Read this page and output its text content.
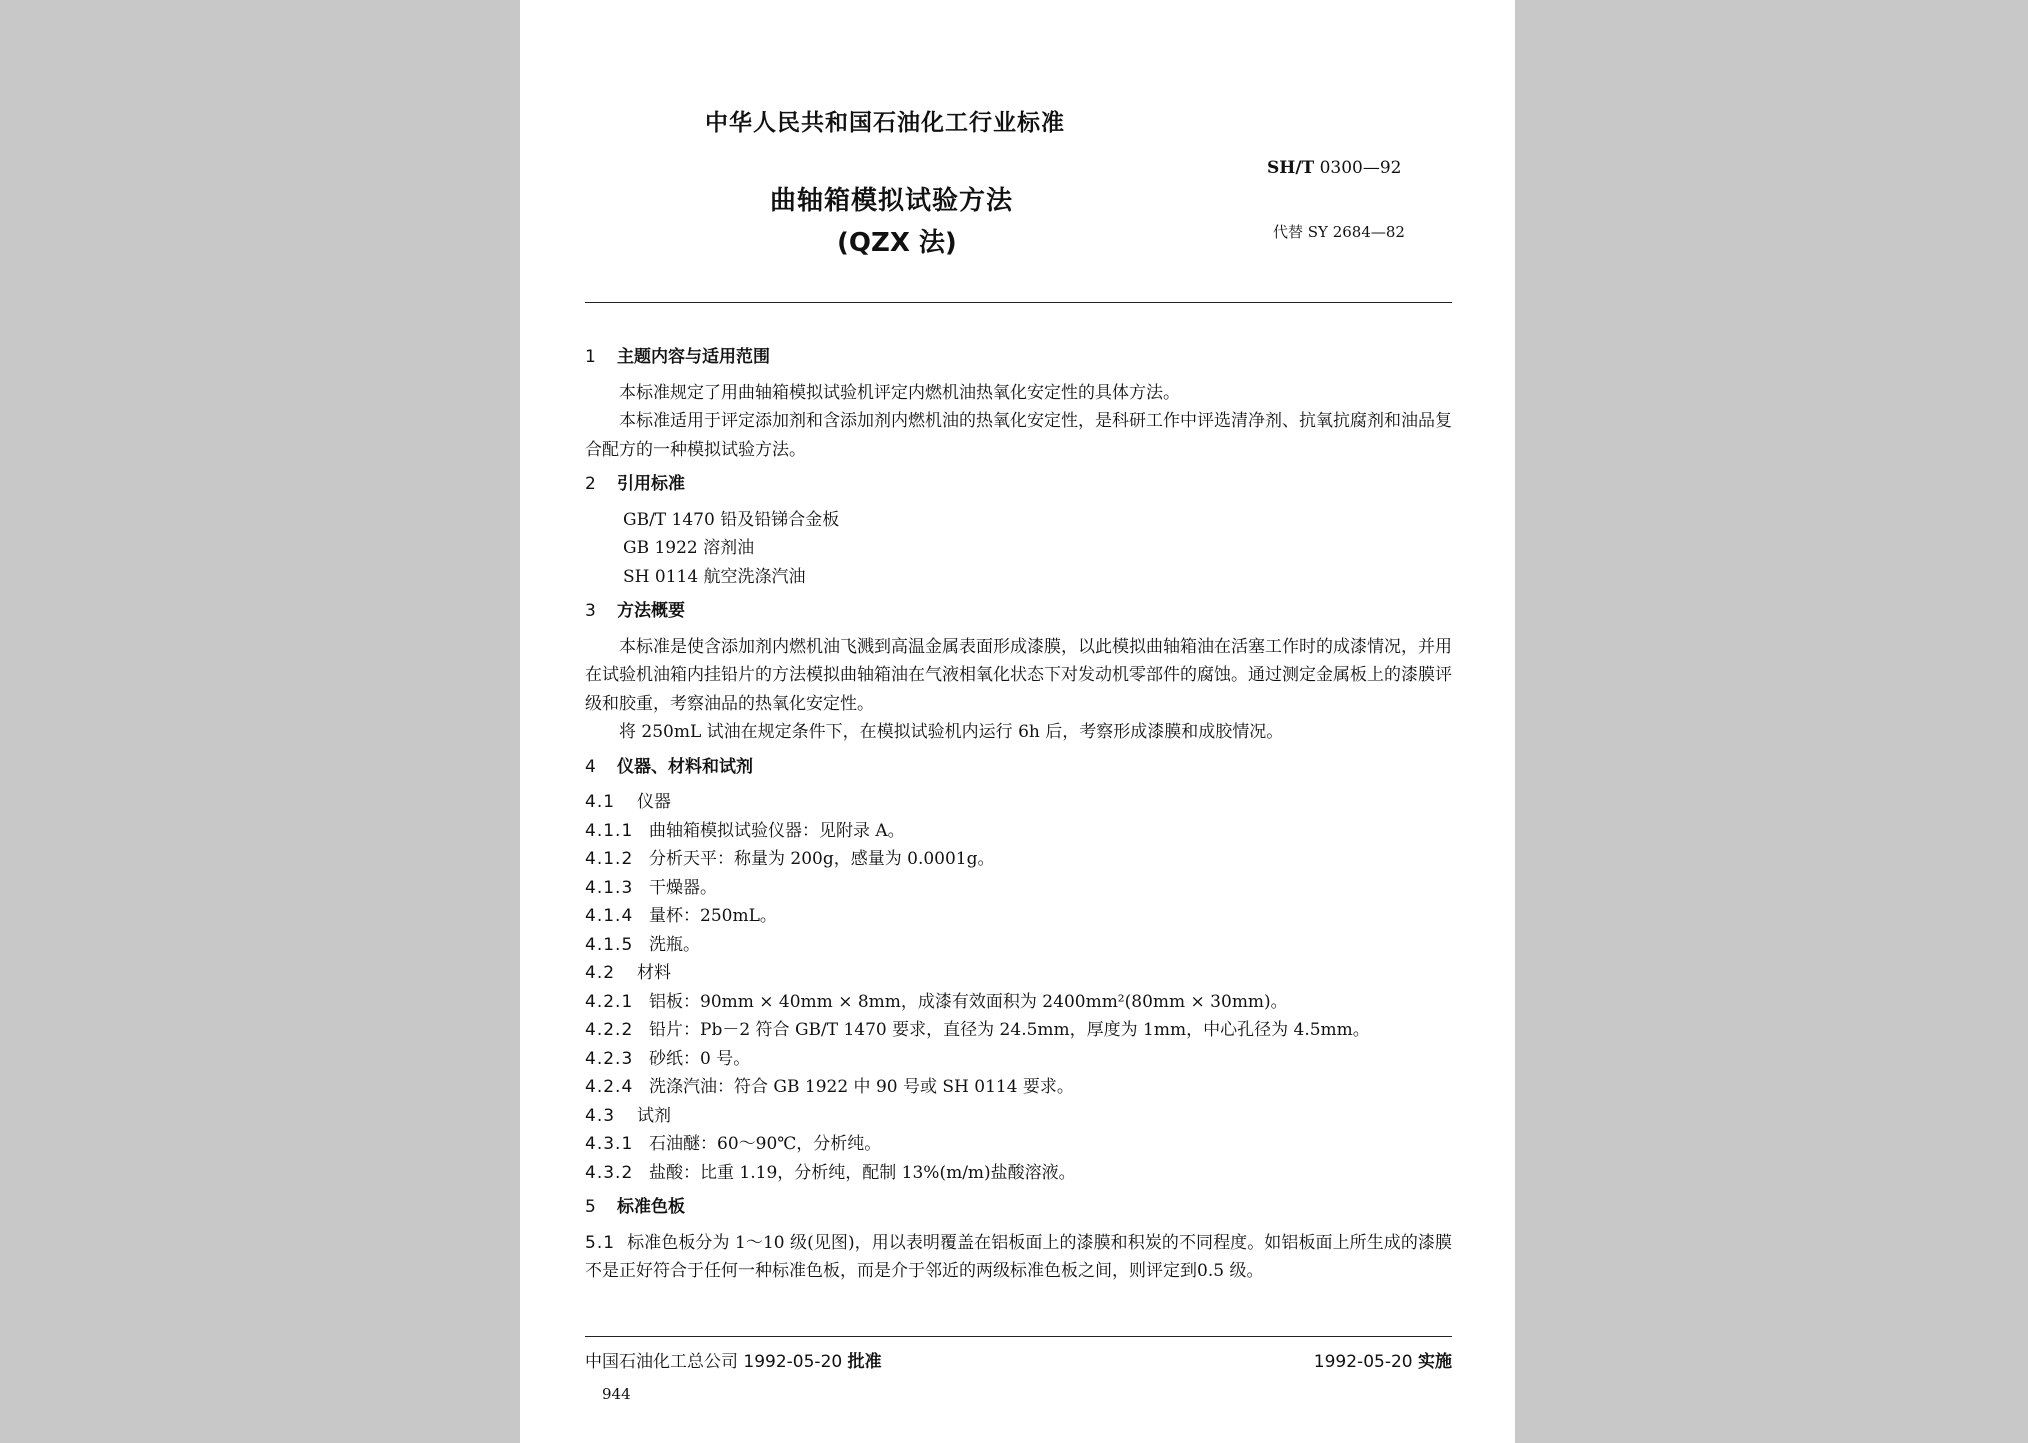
中华人民共和国石油化工行业标准
SH/T 0300—92
曲轴箱模拟试验方法
(QZX 法)	代替 SY 2684—82
1 主题内容与适用范围
本标准规定了用曲轴箱模拟试验机评定内燃机油热氧化安定性的具体方法。
本标准适用于评定添加剂和含添加剂内燃机油的热氧化安定性，是科研工作中评选清净剂、抗氧抗腐剂和油品复合配方的一种模拟试验方法。
2 引用标准
GB/T 1470 铅及铅锑合金板
GB 1922 溶剂油
SH 0114 航空洗涤汽油
3 方法概要
本标准是使含添加剂内燃机油飞溅到高温金属表面形成漆膜，以此模拟曲轴箱油在活塞工作时的成漆情况，并用在试验机油箱内挂铅片的方法模拟曲轴箱油在气液相氧化状态下对发动机零部件的腐蚀。通过测定金属板上的漆膜评级和胶重，考察油品的热氧化安定性。
将 250mL 试油在规定条件下，在模拟试验机内运行 6h 后，考察形成漆膜和成胶情况。
4 仪器、材料和试剂
4.1 仪器
4.1.1 曲轴箱模拟试验仪器：见附录 A。
4.1.2 分析天平：称量为 200g，感量为 0.0001g。
4.1.3 干燥器。
4.1.4 量杯：250mL。
4.1.5 洗瓶。
4.2 材料
4.2.1 铝板：90mm × 40mm × 8mm，成漆有效面积为 2400mm²(80mm × 30mm)。
4.2.2 铅片：Pb－2 符合 GB/T 1470 要求，直径为 24.5mm，厚度为 1mm，中心孔径为 4.5mm。
4.2.3 砂纸：0 号。
4.2.4 洗涤汽油：符合 GB 1922 中 90 号或 SH 0114 要求。
4.3 试剂
4.3.1 石油醚：60～90℃，分析纯。
4.3.2 盐酸：比重 1.19，分析纯，配制 13%(m/m)盐酸溶液。
5 标准色板
5.1 标准色板分为 1～10 级(见图)，用以表明覆盖在铝板面上的漆膜和积炭的不同程度。如铝板面上所生成的漆膜不是正好符合于任何一种标准色板，而是介于邻近的两级标准色板之间，则评定到0.5 级。
中国石油化工总公司 1992-05-20 批准	1992-05-20 实施
944
